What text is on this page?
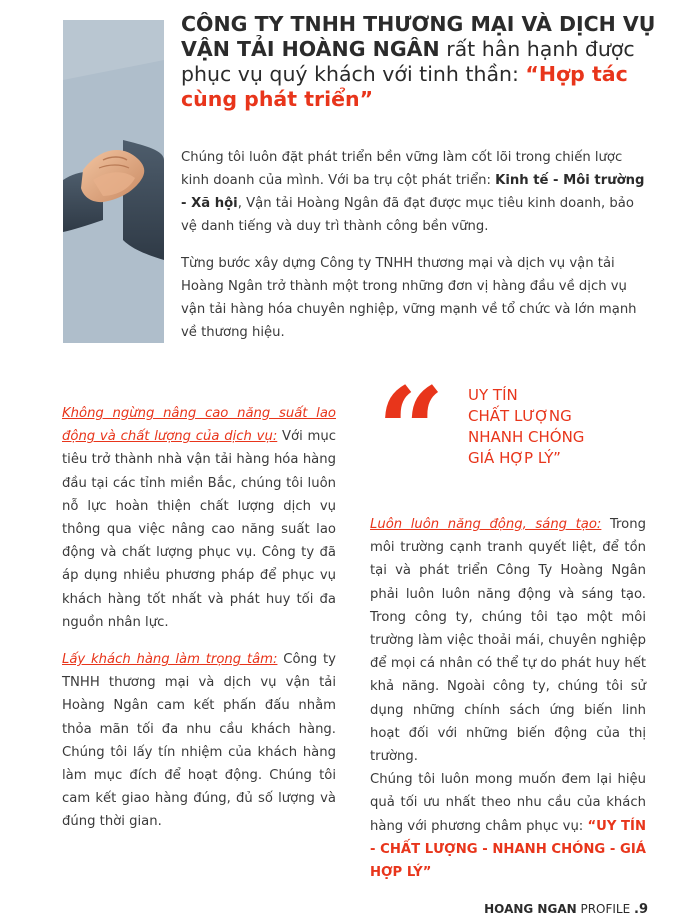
CÔNG TY TNHH THƯƠNG MẠI VÀ DỊCH VỤ VẬN TẢI HOÀNG NGÂN rất hân hạnh được phục vụ quý khách với tinh thần: “Hợp tác cùng phát triển”

Chúng tôi luôn đặt phát triển bền vững làm cốt lõi trong chiến lược kinh doanh của mình. Với ba trụ cột phát triển: Kinh tế - Môi trường - Xã hội, Vận tải Hoàng Ngân đã đạt được mục tiêu kinh doanh, bảo vệ danh tiếng và duy trì thành công bền vững.

Từng bước xây dựng Công ty TNHH thương mại và dịch vụ vận tải Hoàng Ngân trở thành một trong những đơn vị hàng đầu về dịch vụ vận tải hàng hóa chuyên nghiệp, vững mạnh về tổ chức và lớn mạnh về thương hiệu.

“ UY TÍN
CHẤT LƯỢNG
NHANH CHÓNG
GIÁ HỢP LÝ”

Không ngừng nâng cao năng suất lao động và chất lượng của dịch vụ: Với mục tiêu trở thành nhà vận tải hàng hóa hàng đầu tại các tỉnh miền Bắc, chúng tôi luôn nỗ lực hoàn thiện chất lượng dịch vụ thông qua việc nâng cao năng suất lao động và chất lượng phục vụ. Công ty đã áp dụng nhiều phương pháp để phục vụ khách hàng tốt nhất và phát huy tối đa nguồn nhân lực.

Lấy khách hàng làm trọng tâm: Công ty TNHH thương mại và dịch vụ vận tải Hoàng Ngân cam kết phấn đấu nhằm thỏa mãn tối đa nhu cầu khách hàng. Chúng tôi lấy tín nhiệm của khách hàng làm mục đích để hoạt động. Chúng tôi cam kết giao hàng đúng, đủ số lượng và đúng thời gian.

Luôn luôn năng động, sáng tạo: Trong môi trường cạnh tranh quyết liệt, để tồn tại và phát triển Công Ty Hoàng Ngân phải luôn luôn năng động và sáng tạo. Trong công ty, chúng tôi tạo một môi trường làm việc thoải mái, chuyên nghiệp để mọi cá nhân có thể tự do phát huy hết khả năng. Ngoài công ty, chúng tôi sử dụng những chính sách ứng biến linh hoạt đối với những biến động của thị trường.

Chúng tôi luôn mong muốn đem lại hiệu quả tối ưu nhất theo nhu cầu của khách hàng với phương châm phục vụ: “UY TÍN - CHẤT LƯỢNG - NHANH CHÓNG - GIÁ HỢP LÝ”

HOANG NGAN PROFILE .9
